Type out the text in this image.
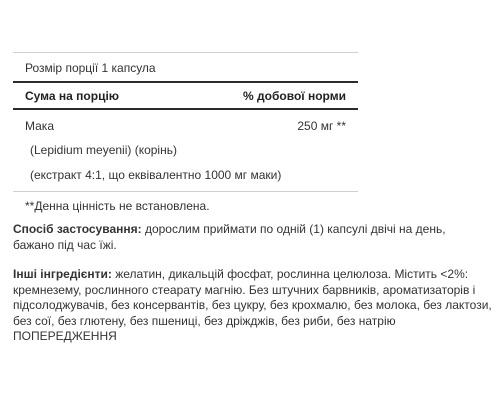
Розмір порції 1 капсула
Сума на порцію	% добової норми
Мака	250 мг **
(Lepidium meyenii) (корінь)
(екстракт 4:1, що еквівалентно 1000 мг маки)
**Денна цінність не встановлена.
Спосіб застосування: дорослим приймати по одній (1) капсулі двічі на день, бажано під час їжі.
Інші інгредієнти: желатин, дикальцій фосфат, рослинна целюлоза. Містить <2%: кремнезему, рослинного стеарату магнію. Без штучних барвників, ароматизаторів і підсолоджувачів, без консервантів, без цукру, без крохмалю, без молока, без лактози, без сої, без глютену, без пшениці, без дріжджів, без риби, без натрію
ПОПЕРЕДЖЕННЯ
